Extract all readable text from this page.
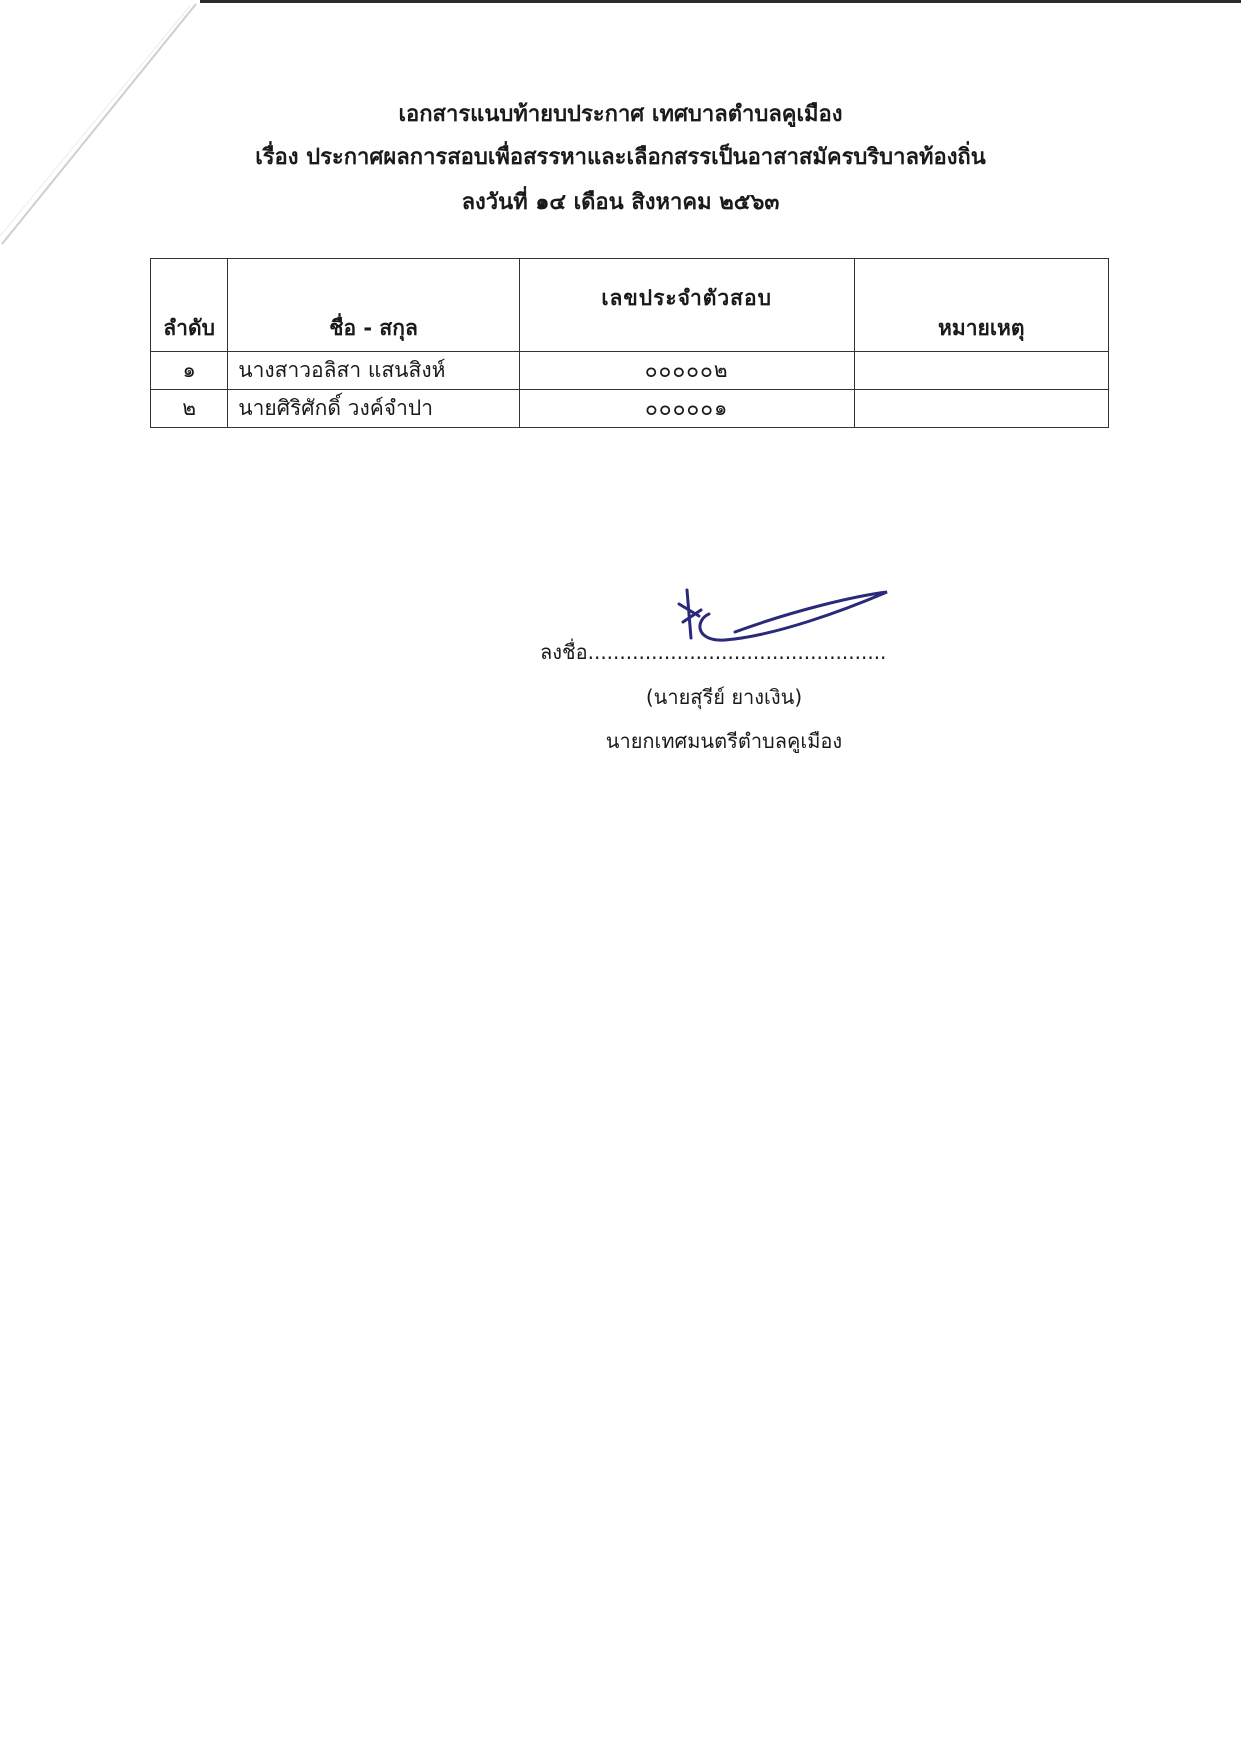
เอกสารแนบท้ายบประกาศ เทศบาลตำบลคูเมือง
เรื่อง ประกาศผลการสอบเพื่อสรรหาและเลือกสรรเป็นอาสาสมัครบริบาลท้องถิ่น
ลงวันที่ ๑๔ เดือน สิงหาคม ๒๕๖๓
ลำดับ	ชื่อ - สกุล	เลขประจำตัวสอบ	หมายเหตุ
๑	นางสาวอลิสา แสนสิงห์	๐๐๐๐๐๒	
๒	นายศิริศักดิ์ วงค์จำปา	๐๐๐๐๐๑	
ลงชื่อ...............................................
(นายสุรีย์ ยางเงิน)
นายกเทศมนตรีตำบลคูเมือง
